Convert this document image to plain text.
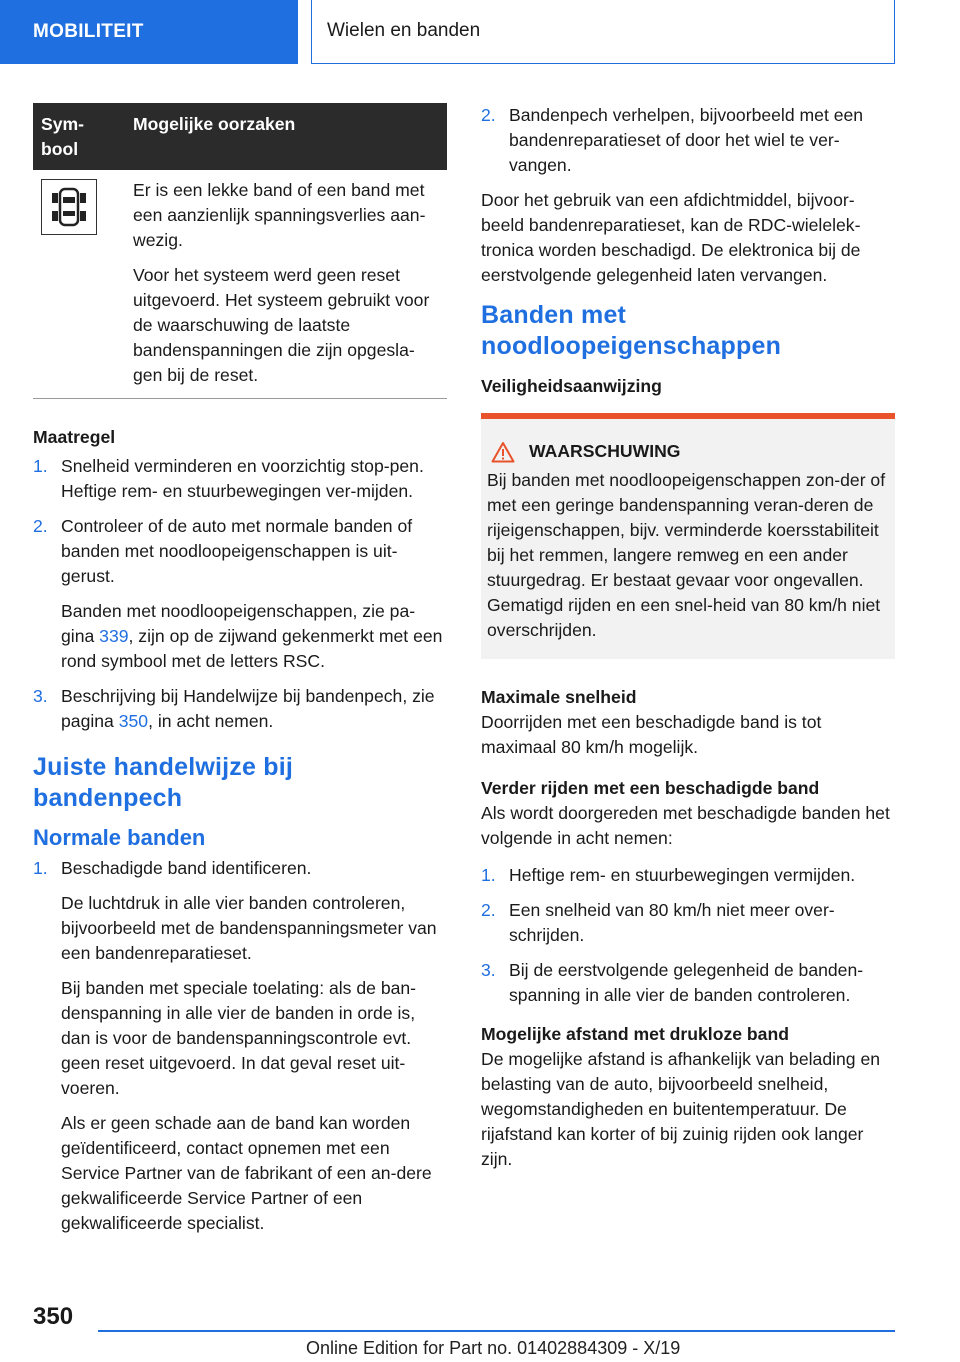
MOBILITEIT	Wielen en banden
Sym-
bool	Mogelijke oorzaken

Er is een lekke band of een band met een aanzienlijk spanningsverlies aan-wezig.

Voor het systeem werd geen reset uitgevoerd. Het systeem gebruikt voor de waarschuwing de laatste bandenspanningen die zijn opgesla-gen bij de reset.

Maatregel
1. Snelheid verminderen en voorzichtig stop-pen. Heftige rem- en stuurbewegingen ver-mijden.

2. Controleer of de auto met normale banden of banden met noodloopeigenschappen is uit-gerust.

Banden met noodloopeigenschappen, zie pa-gina 339, zijn op de zijwand gekenmerkt met een rond symbool met de letters RSC.

3. Beschrijving bij Handelwijze bij bandenpech, zie pagina 350, in acht nemen.

Juiste handelwijze bij bandenpech
Normale banden
1. Beschadigde band identificeren.

De luchtdruk in alle vier banden controleren, bijvoorbeeld met de bandenspanningsmeter van een bandenreparatieset.

Bij banden met speciale toelating: als de ban-denspanning in alle vier de banden in orde is, dan is voor de bandenspanningscontrole evt. geen reset uitgevoerd. In dat geval reset uit-voeren.

Als er geen schade aan de band kan worden geïdentificeerd, contact opnemen met een Service Partner van de fabrikant of een an-dere gekwalificeerde Service Partner of een gekwalificeerde specialist.

2. Bandenpech verhelpen, bijvoorbeeld met een bandenreparatieset of door het wiel te ver-vangen.

Door het gebruik van een afdichtmiddel, bijvoor-beeld bandenreparatieset, kan de RDC-wielelek-tronica worden beschadigd. De elektronica bij de eerstvolgende gelegenheid laten vervangen.

Banden met noodloopeigenschappen
Veiligheidsaanwijzing
WAARSCHUWING

Bij banden met noodloopeigenschappen zon-der of met een geringe bandenspanning veran-deren de rijeigenschappen, bijv. verminderde koersstabiliteit bij het remmen, langere remweg en een ander stuurgedrag. Er bestaat gevaar voor ongevallen. Gematigd rijden en een snel-heid van 80 km/h niet overschrijden.

Maximale snelheid

Doorrijden met een beschadigde band is tot maximaal 80 km/h mogelijk.

Verder rijden met een beschadigde band

Als wordt doorgereden met beschadigde banden het volgende in acht nemen:

1. Heftige rem- en stuurbewegingen vermijden.

2. Een snelheid van 80 km/h niet meer over-schrijden.

3. Bij de eerstvolgende gelegenheid de banden-spanning in alle vier de banden controleren.

Mogelijke afstand met drukloze band

De mogelijke afstand is afhankelijk van belading en belasting van de auto, bijvoorbeeld snelheid, wegomstandigheden en buitentemperatuur. De rijafstand kan korter of bij zuinig rijden ook langer zijn.

350
Online Edition for Part no. 01402884309 - X/19
